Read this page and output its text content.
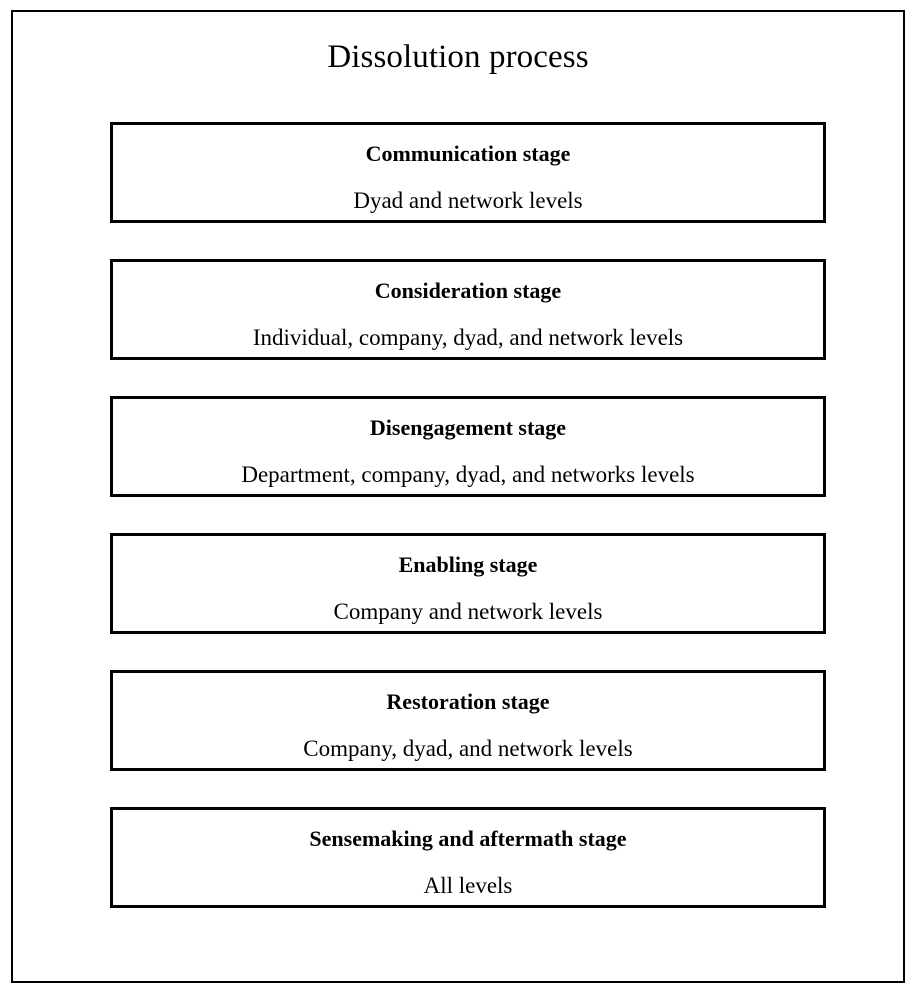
Dissolution process
Communication stage
Dyad and network levels
Consideration stage
Individual, company, dyad, and network levels
Disengagement stage
Department, company, dyad, and networks levels
Enabling stage
Company and network levels
Restoration stage
Company, dyad, and network levels
Sensemaking and aftermath stage
All levels
